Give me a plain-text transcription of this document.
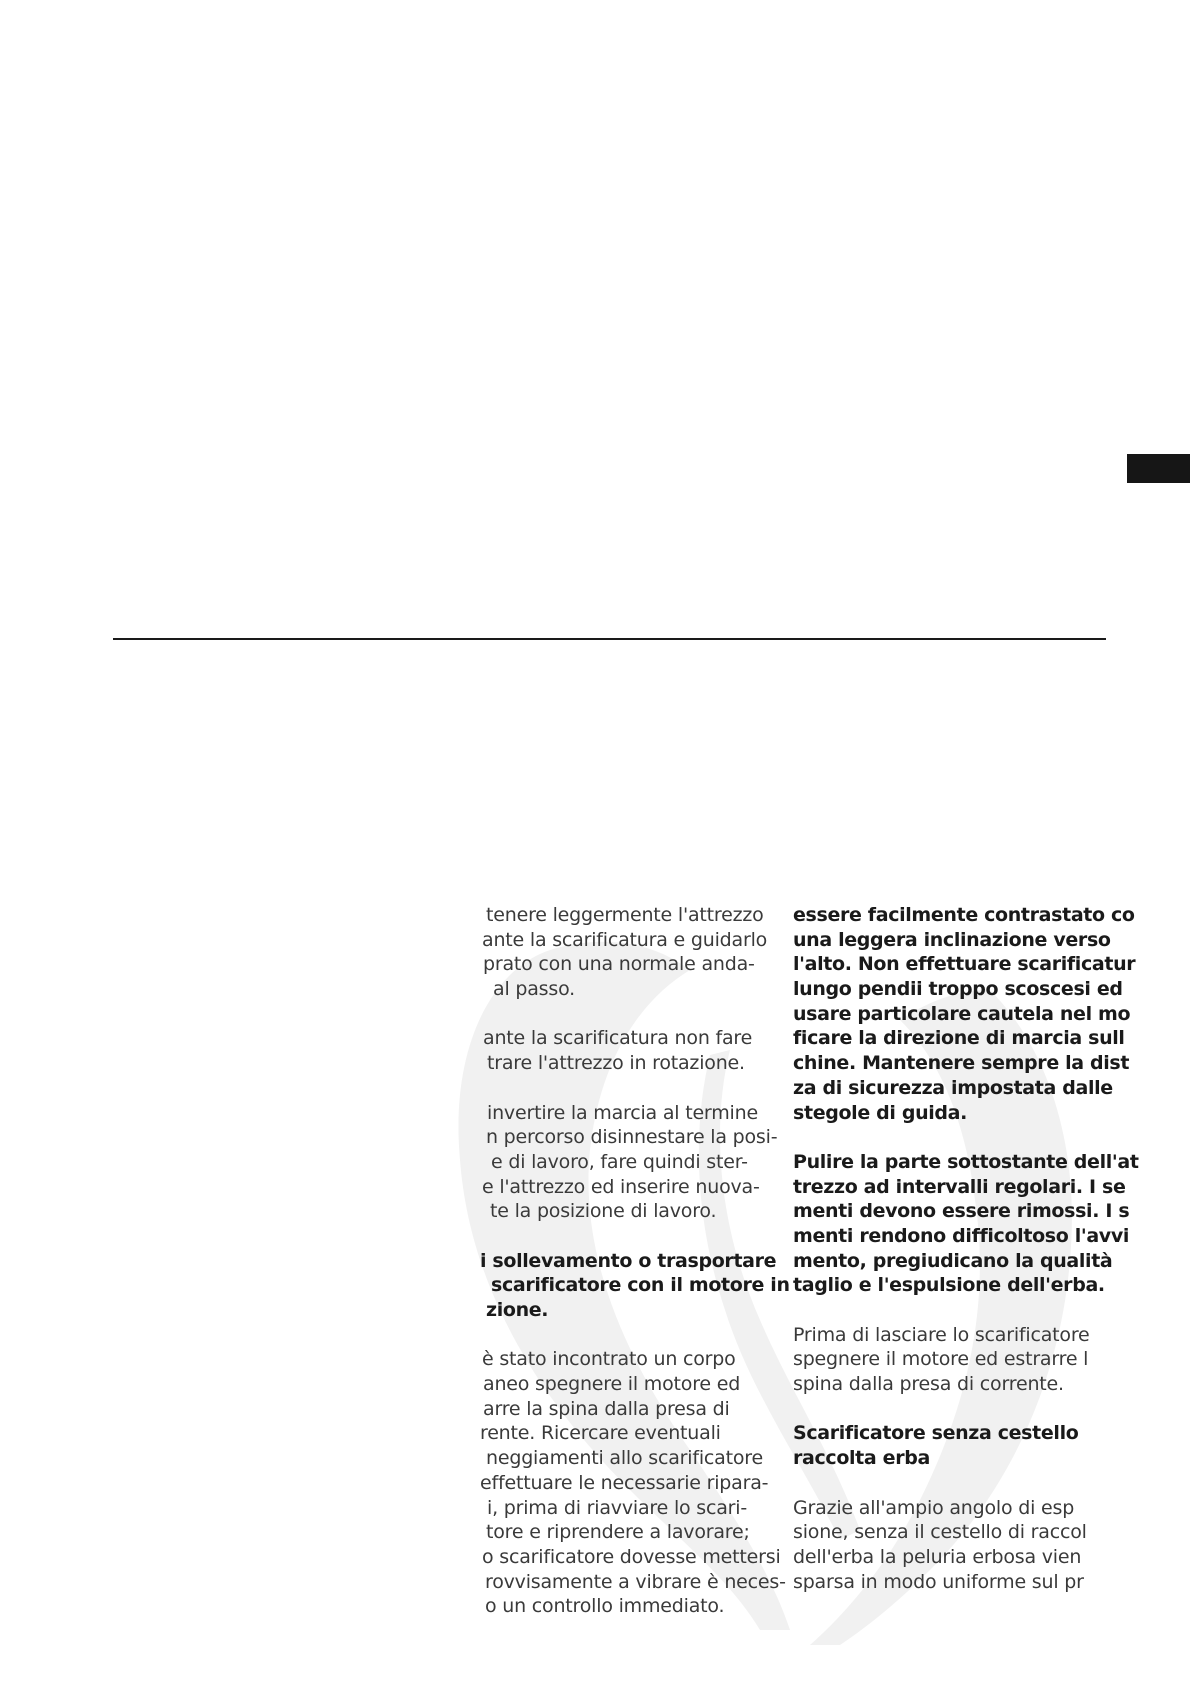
tenere leggermente l'attrezzo
ante la scarificatura e guidarlo
prato con una normale anda-
al passo.
ante la scarificatura non fare
trare l'attrezzo in rotazione.
invertire la marcia al termine
n percorso disinnestare la posi-
e di lavoro, fare quindi ster-
e l'attrezzo ed inserire nuova-
te la posizione di lavoro.
i sollevamento o trasportare
scarificatore con il motore in
zione.
è stato incontrato un corpo
aneo spegnere il motore ed
arre la spina dalla presa di
rente. Ricercare eventuali
neggiamenti allo scarificatore
effettuare le necessarie ripara-
i, prima di riavviare lo scari-
tore e riprendere a lavorare;
o scarificatore dovesse mettersi
rovvisamente a vibrare è neces-
o un controllo immediato.
essere facilmente contrastato co
una leggera inclinazione verso
l'alto. Non effettuare scarificatur
lungo pendii troppo scoscesi ed
usare particolare cautela nel mo
ficare la direzione di marcia sull
chine. Mantenere sempre la dist
za di sicurezza impostata dalle
stegole di guida.
Pulire la parte sottostante dell'at
trezzo ad intervalli regolari. I se
menti devono essere rimossi. I s
menti rendono difficoltoso l'avvi
mento, pregiudicano la qualità
taglio e l'espulsione dell'erba.
Prima di lasciare lo scarificatore
spegnere il motore ed estrarre l
spina dalla presa di corrente.
Scarificatore senza cestello
raccolta erba
Grazie all'ampio angolo di esp
sione, senza il cestello di raccol
dell'erba la peluria erbosa vien
sparsa in modo uniforme sul pr
